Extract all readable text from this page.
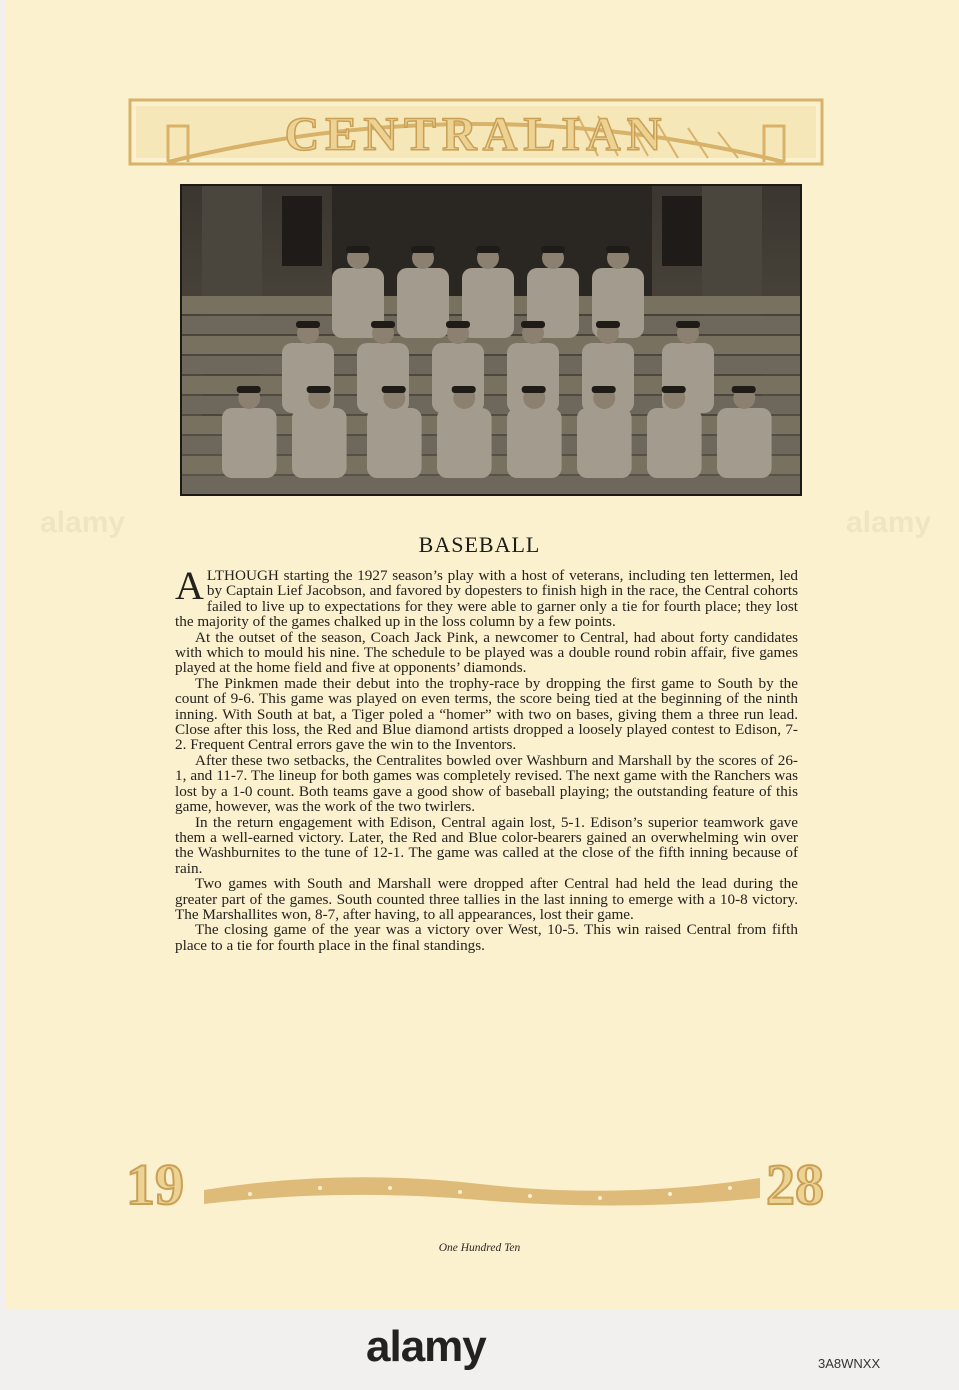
alamy	alamy
CENTRALIAN
BASEBALL

ALTHOUGH starting the 1927 season’s play with a host of veterans, including ten lettermen, led by Captain Lief Jacobson, and favored by dopesters to finish high in the race, the Central cohorts failed to live up to expectations for they were able to garner only a tie for fourth place; they lost the majority of the games chalked up in the loss column by a few points.

At the outset of the season, Coach Jack Pink, a newcomer to Central, had about forty candidates with which to mould his nine. The schedule to be played was a double round robin affair, five games played at the home field and five at opponents’ diamonds.

The Pinkmen made their debut into the trophy-race by dropping the first game to South by the count of 9-6. This game was played on even terms, the score being tied at the beginning of the ninth inning. With South at bat, a Tiger poled a “homer” with two on bases, giving them a three run lead. Close after this loss, the Red and Blue diamond artists dropped a loosely played contest to Edison, 7-2. Frequent Central errors gave the win to the Inventors.

After these two setbacks, the Centralites bowled over Washburn and Marshall by the scores of 26-1, and 11-7. The lineup for both games was completely revised. The next game with the Ranchers was lost by a 1-0 count. Both teams gave a good show of baseball playing; the outstanding feature of this game, however, was the work of the two twirlers.

In the return engagement with Edison, Central again lost, 5-1. Edison’s superior teamwork gave them a well-earned victory. Later, the Red and Blue color-bearers gained an overwhelming win over the Washburnites to the tune of 12-1. The game was called at the close of the fifth inning because of rain.

Two games with South and Marshall were dropped after Central had held the lead during the greater part of the games. South counted three tallies in the last inning to emerge with a 10-8 victory. The Marshallites won, 8-7, after having, to all appearances, lost their game.

The closing game of the year was a victory over West, 10-5. This win raised Central from fifth place to a tie for fourth place in the final standings.

19	28
One Hundred Ten
alamy	3A8WNXX
